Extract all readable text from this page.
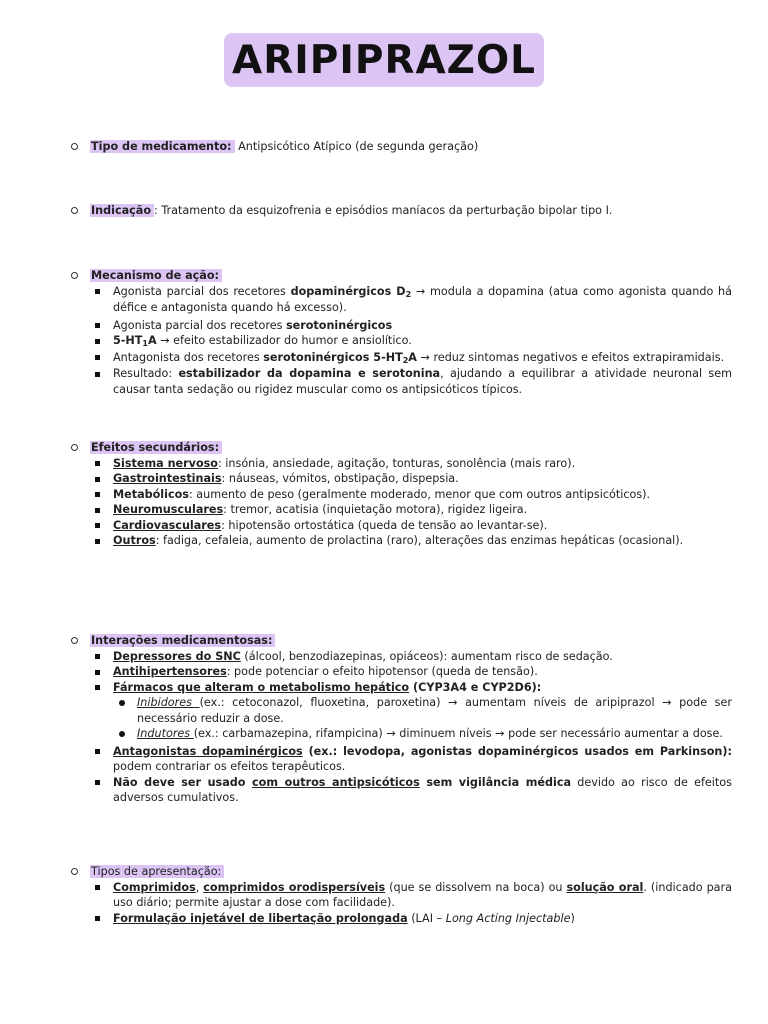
ARIPIPRAZOL
Tipo de medicamento: Antipsicótico Atípico (de segunda geração)
Indicação : Tratamento da esquizofrenia e episódios maníacos da perturbação bipolar tipo I.
Mecanismo de ação:
Agonista parcial dos recetores dopaminérgicos $D_2$ → modula a dopamina (atua como agonista quando há défice e antagonista quando há excesso).
Agonista parcial dos recetores serotoninérgicos
$5-HT_1A$ → efeito estabilizador do humor e ansiolítico.
Antagonista dos recetores serotoninérgicos $5-HT_2A$ → reduz sintomas negativos e efeitos extrapiramidais.
Resultado: estabilizador da dopamina e serotonina, ajudando a equilibrar a atividade neuronal sem causar tanta sedação ou rigidez muscular como os antipsicóticos típicos.
Efeitos secundários:
Sistema nervoso: insónia, ansiedade, agitação, tonturas, sonolência (mais raro).
Gastrointestinais: náuseas, vómitos, obstipação, dispepsia.
Metabólicos: aumento de peso (geralmente moderado, menor que com outros antipsicóticos).
Neuromusculares: tremor, acatisia (inquietação motora), rigidez ligeira.
Cardiovasculares: hipotensão ortostática (queda de tensão ao levantar-se).
Outros: fadiga, cefaleia, aumento de prolactina (raro), alterações das enzimas hepáticas (ocasional).
Interações medicamentosas:
Depressores do SNC (álcool, benzodiazepinas, opiáceos): aumentam risco de sedação.
Antihipertensores: pode potenciar o efeito hipotensor (queda de tensão).
Fármacos que alteram o metabolismo hepático (CYP3A4 e CYP2D6):
Inibidores (ex.: cetoconazol, fluoxetina, paroxetina) → aumentam níveis de aripiprazol → pode ser necessário reduzir a dose.
Indutores (ex.: carbamazepina, rifampicina) → diminuem níveis → pode ser necessário aumentar a dose.
Antagonistas dopaminérgicos (ex.: levodopa, agonistas dopaminérgicos usados em Parkinson): podem contrariar os efeitos terapêuticos.
Não deve ser usado com outros antipsicóticos sem vigilância médica devido ao risco de efeitos adversos cumulativos.
Tipos de apresentação:
Comprimidos, comprimidos orodispersíveis (que se dissolvem na boca) ou solução oral. (indicado para uso diário; permite ajustar a dose com facilidade).
Formulação injetável de libertação prolongada (LAI – Long Acting Injectable)
